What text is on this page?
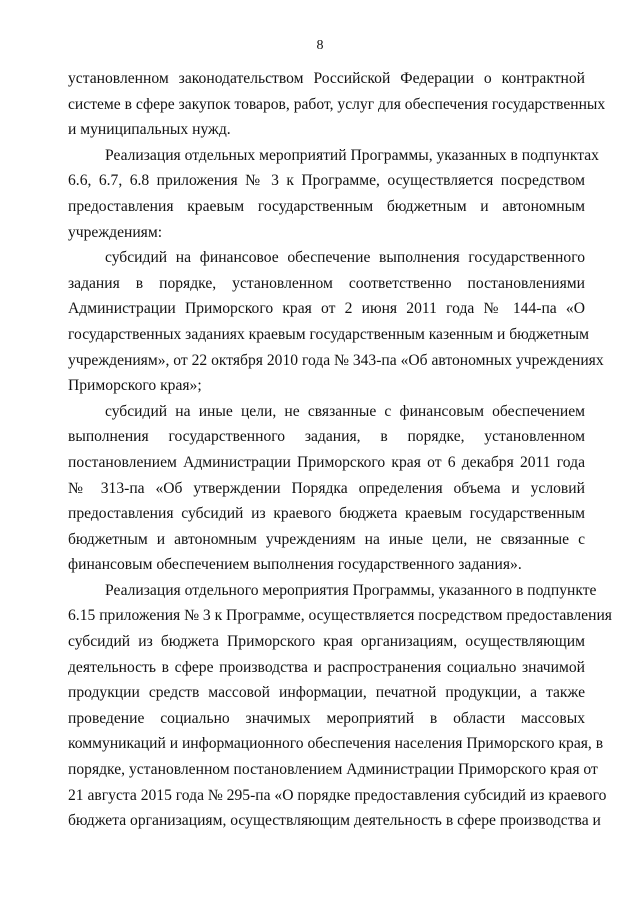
8

установленном законодательством Российской Федерации о контрактной
системе в сфере закупок товаров, работ, услуг для обеспечения государственных
и муниципальных нужд.

Реализация отдельных мероприятий Программы, указанных в подпунктах
6.6, 6.7, 6.8 приложения № 3 к Программе, осуществляется посредством
предоставления краевым государственным бюджетным и автономным
учреждениям:

субсидий на финансовое обеспечение выполнения государственного
задания в порядке, установленном соответственно постановлениями
Администрации Приморского края от 2 июня 2011 года № 144-па «О
государственных заданиях краевым государственным казенным и бюджетным
учреждениям», от 22 октября 2010 года № 343-па «Об автономных учреждениях
Приморского края»;

субсидий на иные цели, не связанные с финансовым обеспечением
выполнения государственного задания, в порядке, установленном
постановлением Администрации Приморского края от 6 декабря 2011 года
№ 313-па «Об утверждении Порядка определения объема и условий
предоставления субсидий из краевого бюджета краевым государственным
бюджетным и автономным учреждениям на иные цели, не связанные с
финансовым обеспечением выполнения государственного задания».

Реализация отдельного мероприятия Программы, указанного в подпункте
6.15 приложения № 3 к Программе, осуществляется посредством предоставления
субсидий из бюджета Приморского края организациям, осуществляющим
деятельность в сфере производства и распространения социально значимой
продукции средств массовой информации, печатной продукции, а также
проведение социально значимых мероприятий в области массовых
коммуникаций и информационного обеспечения населения Приморского края, в
порядке, установленном постановлением Администрации Приморского края от
21 августа 2015 года № 295-па «О порядке предоставления субсидий из краевого
бюджета организациям, осуществляющим деятельность в сфере производства и
